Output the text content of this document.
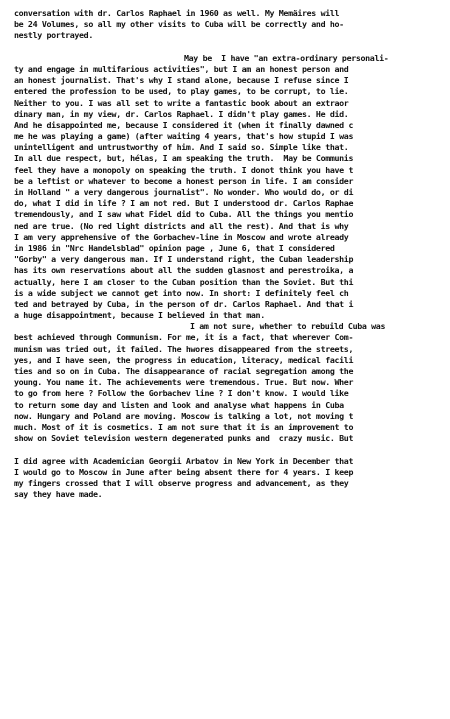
conversation with dr. Carlos Raphael in 1960 as well. My Memäires will
be 24 Volumes, so all my other visits to Cuba will be correctly and ho-
nestly portrayed.
May be  I have "an extra-ordinary personali-
ty and engage in multifarious activities", but I am an honest person and
an honest journalist. That's why I stand alone, because I refuse since I
entered the profession to be used, to play games, to be corrupt, to lie.
Neither to you. I was all set to write a fantastic book about an extraor
dinary man, in my view, dr. Carlos Raphael. I didn't play games. He did.
And he disappointed me, because I considered it (when it finally dawned c
me he was playing a game) (after waiting 4 years, that's how stupid I was
unintelligent and untrustworthy of him. And I said so. Simple like that.
In all due respect, but, hélas, I am speaking the truth.  May be Communis
feel they have a monopoly on speaking the truth. I donot think you have t
be a leftist or whatever to become a honest person in life. I am consider
in Holland " a very dangerous journalist". No wonder. Who would do, or di
do, what I did in life ? I am not red. But I understood dr. Carlos Raphae
tremendously, and I saw what Fidel did to Cuba. All the things you mentio
ned are true. (No red light districts and all the rest). And that is why
I am very apprehensive of the Gorbachev-line in Moscow and wrote already
in 1986 in "Nrc Handelsblad" opinion page , June 6, that I considered
"Gorby" a very dangerous man. If I understand right, the Cuban leadership
has its own reservations about all the sudden glasnost and perestroika, a
actually, here I am closer to the Cuban position than the Soviet. But thi
is a wide subject we cannot get into now. In short: I definitely feel ch
ted and betrayed by Cuba, in the person of dr. Carlos Raphael. And that i
a huge disappointment, because I believed in that man.
I am not sure, whether to rebuild Cuba was
best achieved through Communism. For me, it is a fact, that wherever Com-
munism was tried out, it failed. The hwores disappeared from the streets,
yes, and I have seen, the progress in education, literacy, medical facili
ties and so on in Cuba. The disappearance of racial segregation among the
young. You name it. The achievements were tremendous. True. But now. Wher
to go from here ? Follow the Gorbachev line ? I don't know. I would like
to return some day and listen and look and analyse what happens in Cuba
now. Hungary and Poland are moving. Moscow is talking a lot, not moving t
much. Most of it is cosmetics. I am not sure that it is an improvement to
show on Soviet television western degenerated punks and  crazy music. But
I did agree with Academician Georgii Arbatov in New York in December that
I would go to Moscow in June after being absent there for 4 years. I keep
my fingers crossed that I will observe progress and advancement, as they
say they have made.
